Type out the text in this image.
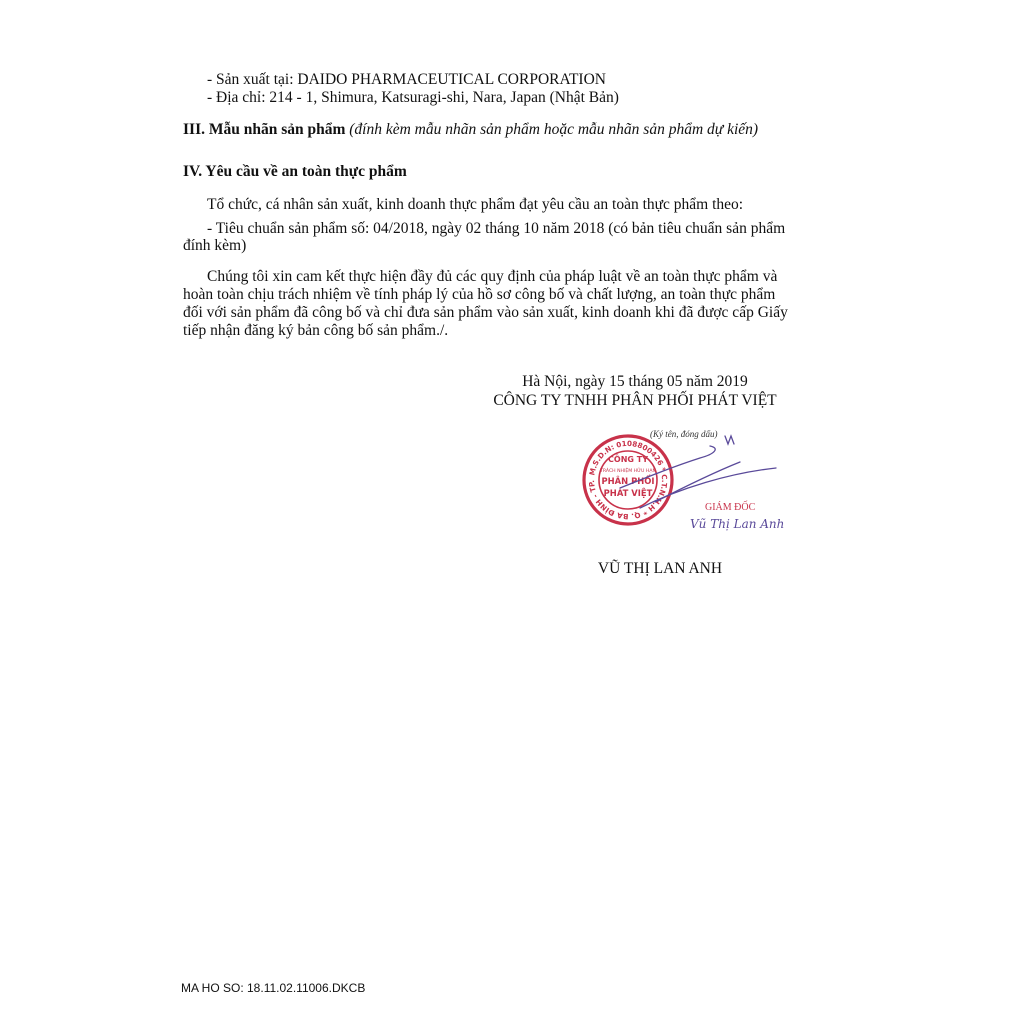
- Sản xuất tại: DAIDO PHARMACEUTICAL CORPORATION
- Địa chỉ: 214 - 1, Shimura, Katsuragi-shi, Nara, Japan (Nhật Bản)
III. Mẫu nhãn sản phẩm (đính kèm mẫu nhãn sản phẩm hoặc mẫu nhãn sản phẩm dự kiến)
IV. Yêu cầu về an toàn thực phẩm
Tổ chức, cá nhân sản xuất, kinh doanh thực phẩm đạt yêu cầu an toàn thực phẩm theo:
- Tiêu chuẩn sản phẩm số: 04/2018, ngày 02 tháng 10 năm 2018 (có bản tiêu chuẩn sản phẩm
đính kèm)
Chúng tôi xin cam kết thực hiện đầy đủ các quy định của pháp luật về an toàn thực phẩm và
hoàn toàn chịu trách nhiệm về tính pháp lý của hồ sơ công bố và chất lượng, an toàn thực phẩm
đối với sản phẩm đã công bố và chỉ đưa sản phẩm vào sản xuất, kinh doanh khi đã được cấp Giấy
tiếp nhận đăng ký bản công bố sản phẩm./.
Hà Nội, ngày 15 tháng 05 năm 2019
CÔNG TY TNHH PHÂN PHỐI PHÁT VIỆT
M.S.D.N: 0108800426 * C.T.N.H.H * Q. BA ĐÌNH - TP.
CÔNG TY
TRÁCH NHIỆM HỮU HẠN
PHÂN PHỐI
PHÁT VIỆT
(Ký tên, đóng dấu)
GIÁM ĐỐC
Vũ Thị Lan Anh
VŨ THỊ LAN ANH
MA HO SO: 18.11.02.11006.DKCB
